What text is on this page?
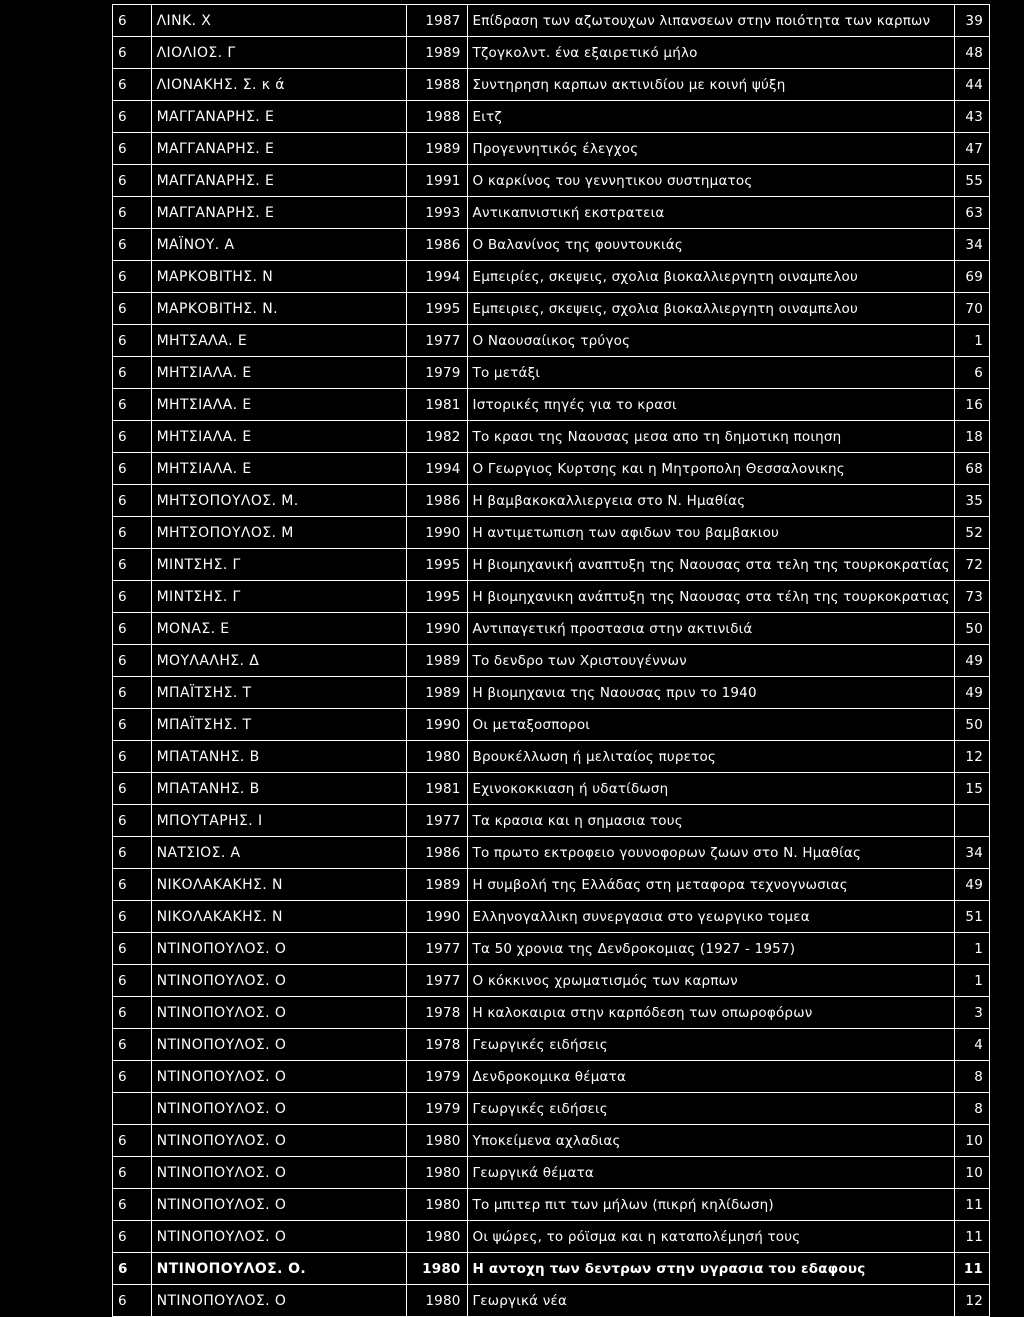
6	ΛΙΝΚ. Χ	1987	Επίδραση των αζωτουχων λιπανσεων στην ποιότητα των καρπων	39
6	ΛΙΟΛΙΟΣ. Γ	1989	Τζογκολντ. ένα εξαιρετικό μήλο	48
6	ΛΙΟΝΑΚΗΣ. Σ. κ ά	1988	Συντηρηση καρπων ακτινιδίου με κοινή ψύξη	44
6	ΜΑΓΓΑΝΑΡΗΣ. Ε	1988	Ειτζ	43
6	ΜΑΓΓΑΝΑΡΗΣ. Ε	1989	Προγεννητικός έλεγχος	47
6	ΜΑΓΓΑΝΑΡΗΣ. Ε	1991	Ο καρκίνος του γεννητικου συστηματος	55
6	ΜΑΓΓΑΝΑΡΗΣ. Ε	1993	Αντικαπνιστική εκστρατεια	63
6	ΜΑΪΝΟΥ. Α	1986	Ο Βαλανίνος της φουντουκιάς	34
6	ΜΑΡΚΟΒΙΤΗΣ. Ν	1994	Εμπειρίες, σκεψεις, σχολια βιοκαλλιεργητη οιναμπελου	69
6	ΜΑΡΚΟΒΙΤΗΣ. Ν.	1995	Εμπειριες, σκεψεις, σχολια βιοκαλλιεργητη οιναμπελου	70
6	ΜΗΤΣΑΛΑ. Ε	1977	Ο Ναουσαίικος τρύγος	1
6	ΜΗΤΣΙΑΛΑ. Ε	1979	Το μετάξι	6
6	ΜΗΤΣΙΑΛΑ. Ε	1981	Ιστορικές πηγές για το κρασι	16
6	ΜΗΤΣΙΑΛΑ. Ε	1982	Το κρασι της Ναουσας μεσα απο τη δημοτικη ποιηση	18
6	ΜΗΤΣΙΑΛΑ. Ε	1994	Ο Γεωργιος Κυρτσης και η Μητροπολη Θεσσαλονικης	68
6	ΜΗΤΣΟΠΟΥΛΟΣ. Μ.	1986	Η βαμβακοκαλλιεργεια στο Ν. Ημαθίας	35
6	ΜΗΤΣΟΠΟΥΛΟΣ. Μ	1990	Η αντιμετωπιση των αφιδων του βαμβακιου	52
6	ΜΙΝΤΣΗΣ. Γ	1995	Η βιομηχανική αναπτυξη της Ναουσας στα τελη της τουρκοκρατίας	72
6	ΜΙΝΤΣΗΣ. Γ	1995	Η βιομηχανικη ανάπτυξη της Ναουσας στα τέλη της τουρκοκρατιας	73
6	ΜΟΝΑΣ. Ε	1990	Αντιπαγετική προστασια στην ακτινιδιά	50
6	ΜΟΥΛΑΛΗΣ. Δ	1989	Το δενδρο των Χριστουγέννων	49
6	ΜΠΑΪΤΣΗΣ. Τ	1989	Η βιομηχανια της Ναουσας πριν το 1940	49
6	ΜΠΑΪΤΣΗΣ. Τ	1990	Οι μεταξοσποροι	50
6	ΜΠΑΤΑΝΗΣ. Β	1980	Βρουκέλλωση ή μελιταίος πυρετος	12
6	ΜΠΑΤΑΝΗΣ. Β	1981	Εχινοκοκκιαση ή υδατίδωση	15
6	ΜΠΟΥΤΑΡΗΣ. Ι	1977	Τα κρασια και η σημασια τους	
6	ΝΑΤΣΙΟΣ. Α	1986	Το πρωτο εκτροφειο γουνοφορων ζωων στο Ν. Ημαθίας	34
6	ΝΙΚΟΛΑΚΑΚΗΣ. Ν	1989	Η συμβολή της Ελλάδας στη μεταφορα τεχνογνωσιας	49
6	ΝΙΚΟΛΑΚΑΚΗΣ. Ν	1990	Ελληνογαλλικη συνεργασια στο γεωργικο τομεα	51
6	ΝΤΙΝΟΠΟΥΛΟΣ. Ο	1977	Τα 50 χρονια της Δενδροκομιας (1927 - 1957)	1
6	ΝΤΙΝΟΠΟΥΛΟΣ. Ο	1977	Ο κόκκινος χρωματισμός των καρπων	1
6	ΝΤΙΝΟΠΟΥΛΟΣ. Ο	1978	Η καλοκαιρια στην καρπόδεση των οπωροφόρων	3
6	ΝΤΙΝΟΠΟΥΛΟΣ. Ο	1978	Γεωργικές ειδήσεις	4
6	ΝΤΙΝΟΠΟΥΛΟΣ. Ο	1979	Δενδροκομικα θέματα	8
	ΝΤΙΝΟΠΟΥΛΟΣ. Ο	1979	Γεωργικές ειδήσεις	8
6	ΝΤΙΝΟΠΟΥΛΟΣ. Ο	1980	Υποκείμενα αχλαδιας	10
6	ΝΤΙΝΟΠΟΥΛΟΣ. Ο	1980	Γεωργικά θέματα	10
6	ΝΤΙΝΟΠΟΥΛΟΣ. Ο	1980	Το μπιτερ πιτ των μήλων (πικρή κηλίδωση)	11
6	ΝΤΙΝΟΠΟΥΛΟΣ. Ο	1980	Οι ψώρες, το ρόϊσμα και η καταπολέμησή τους	11
6	ΝΤΙΝΟΠΟΥΛΟΣ. Ο.	1980	Η αντοχη των δεντρων στην υγρασια του εδαφους	11
6	ΝΤΙΝΟΠΟΥΛΟΣ. Ο	1980	Γεωργικά νέα	12
